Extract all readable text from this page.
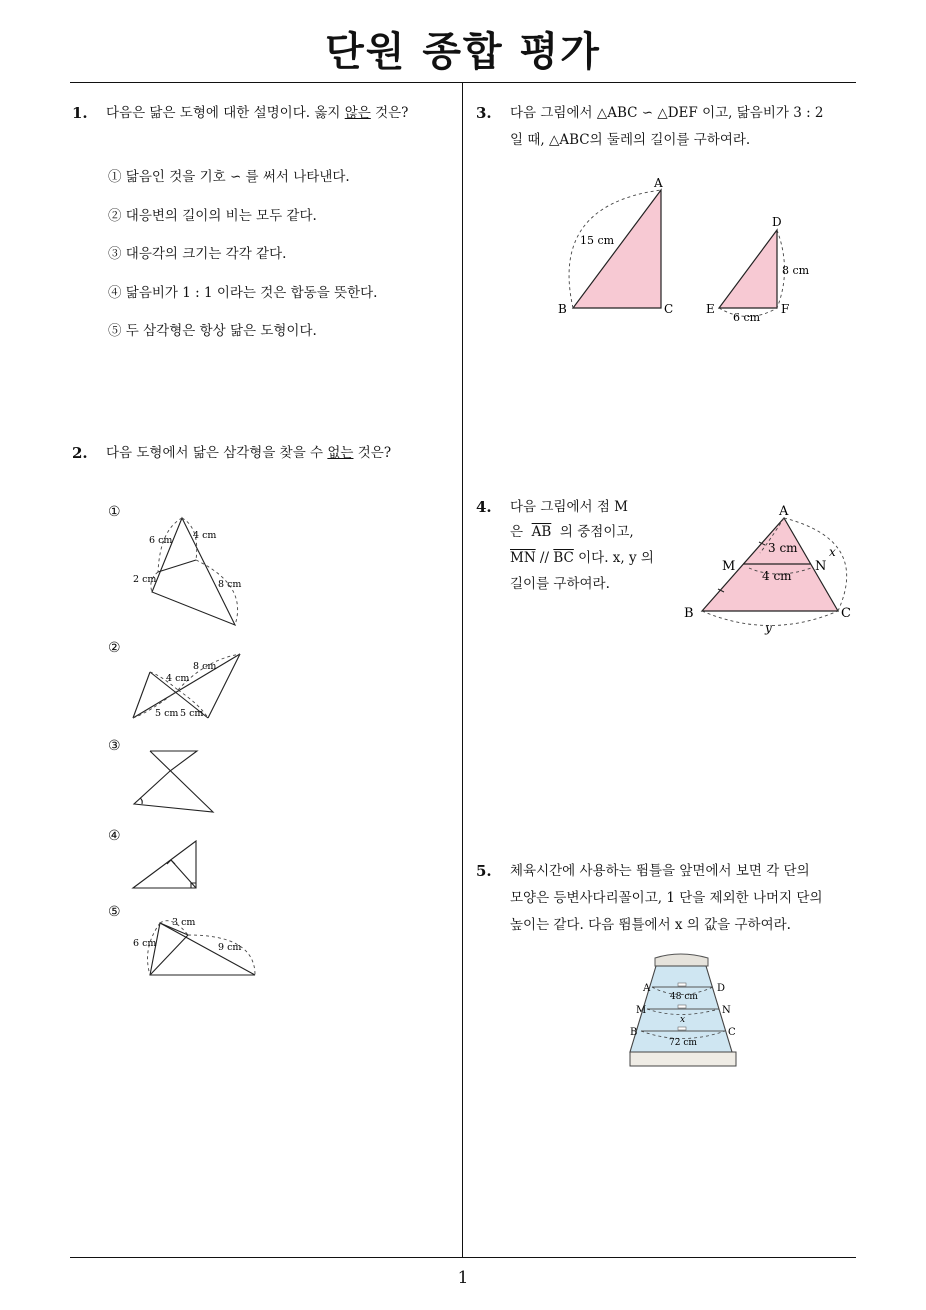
단원 종합 평가
1
1. 다음은 닮은 도형에 대한 설명이다. 옳지 않은 것은?
① 닮음인 것을 기호 ∽ 를 써서 나타낸다.
② 대응변의 길이의 비는 모두 같다.
③ 대응각의 크기는 각각 같다.
④ 닮음비가 1 : 1 이라는 것은 합동을 뜻한다.
⑤ 두 삼각형은 항상 닮은 도형이다.
2. 다음 도형에서 닮은 삼각형을 찾을 수 없는 것은?
①
6 cm 4 cm
2 cm	8 cm
②
4 cm
8 cm
5 cm 5 cm
③
④
⑤
3 cm
6 cm	9 cm
3. 다음 그림에서 △ABC ∽ △DEF 이고, 닮음비가 3 : 2
일 때, △ABC의 둘레의 길이를 구하여라.
A
B	C
D
E	F
15 cm
8 cm
6 cm
4. 다음 그림에서 점 M
은 $\overline{AB}$ 의 중점이고,
$\overline{MN} // \overline{BC}$ 이다. x, y 의
길이를 구하여라.
A
M	N
B	C
x
y
3 cm
4 cm
5. 체육시간에 사용하는 뜀틀을 앞면에서 보면 각 단의
모양은 등변사다리꼴이고, 1 단을 제외한 나머지 단의
높이는 같다. 다음 뜀틀에서 x 의 값을 구하여라.
A	D
M	N
B	C
x
48 cm
72 cm
